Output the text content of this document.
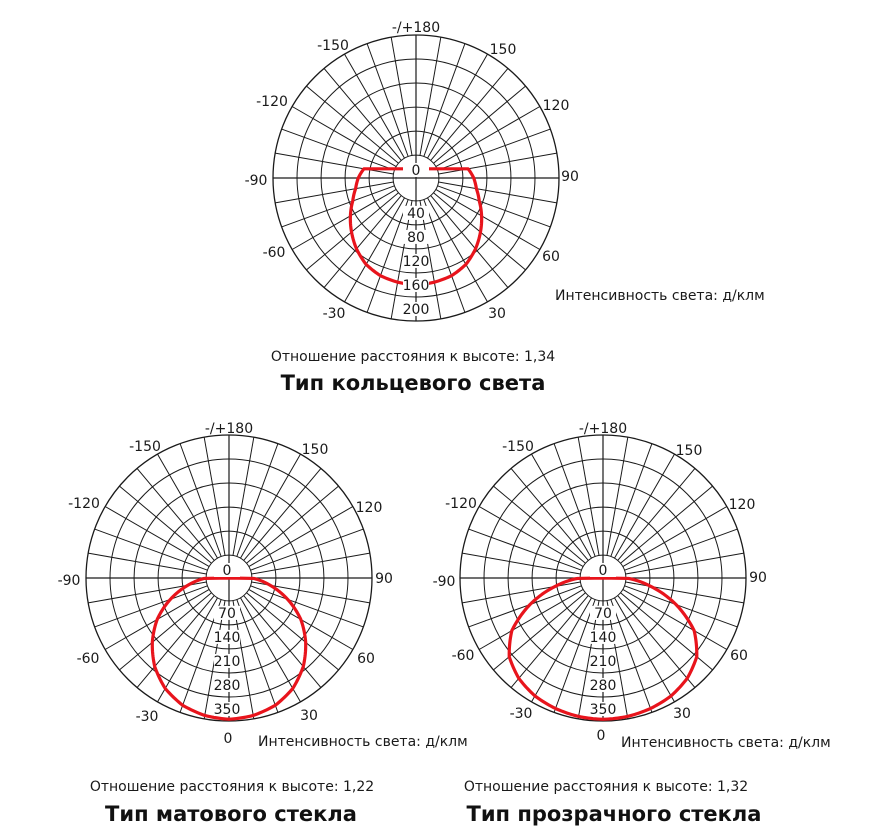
0
40
80
120
160
200
-/+180
150
-150
120
-120
90
-90
60
-60
30
-30
Интенсивность света: д/клм
Отношение расстояния к высоте: 1,34
Тип кольцевого света
0
70
140
210
280
350
-/+180
150
-150
120
-120
90
-90
60
-60
30
-30
0 Интенсивность света: д/клм
Отношение расстояния к высоте: 1,22
Тип матового стекла
0
70
140
210
280
350
-/+180
150
-150
120
-120
90
-90
60
-60
30
-30
0 Интенсивность света: д/клм
Отношение расстояния к высоте: 1,32
Тип прозрачного стекла
